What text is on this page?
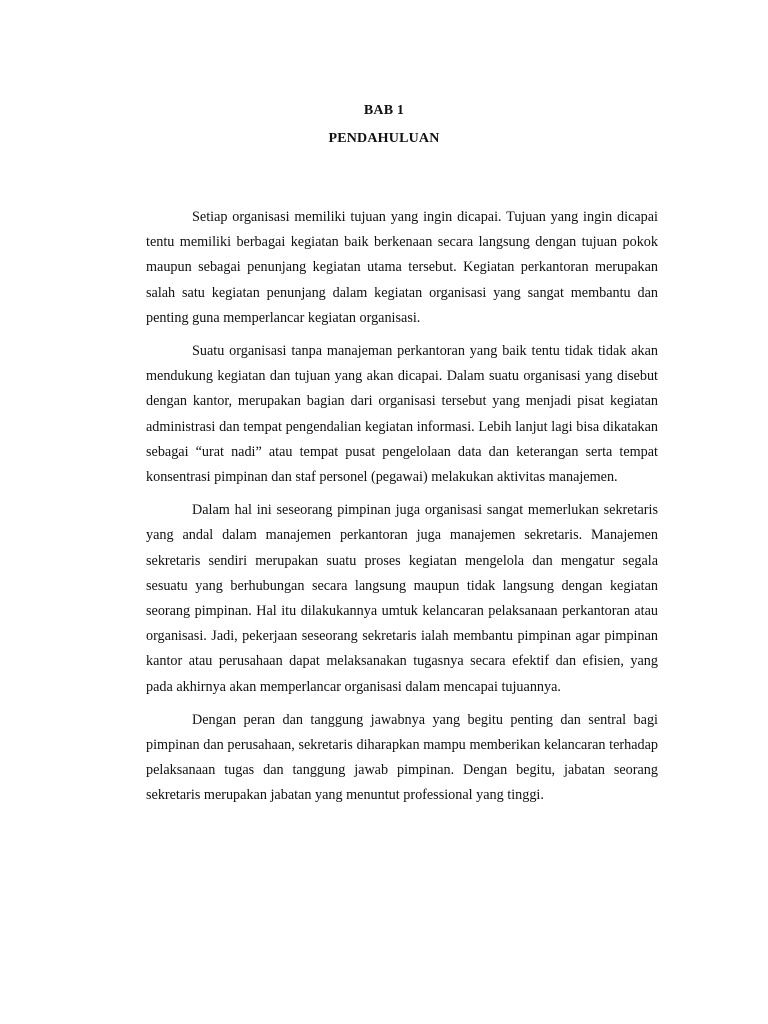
BAB 1
PENDAHULUAN

Setiap organisasi memiliki tujuan yang ingin dicapai. Tujuan yang ingin dicapai tentu memiliki berbagai kegiatan baik berkenaan secara langsung dengan tujuan pokok maupun sebagai penunjang kegiatan utama tersebut. Kegiatan perkantoran merupakan salah satu kegiatan penunjang dalam kegiatan organisasi yang sangat membantu dan penting guna memperlancar kegiatan organisasi.

Suatu organisasi tanpa manajeman perkantoran yang baik tentu tidak tidak akan mendukung kegiatan dan tujuan yang akan dicapai. Dalam suatu organisasi yang disebut dengan kantor, merupakan bagian dari organisasi tersebut yang menjadi pisat kegiatan administrasi dan tempat pengendalian kegiatan informasi. Lebih lanjut lagi bisa dikatakan sebagai “urat nadi” atau tempat pusat pengelolaan data dan keterangan serta tempat konsentrasi pimpinan dan staf personel (pegawai) melakukan aktivitas manajemen.

Dalam hal ini seseorang pimpinan juga organisasi sangat memerlukan sekretaris yang andal dalam manajemen perkantoran juga manajemen sekretaris. Manajemen sekretaris sendiri merupakan suatu proses kegiatan mengelola dan mengatur segala sesuatu yang berhubungan secara langsung maupun tidak langsung dengan kegiatan seorang pimpinan. Hal itu dilakukannya umtuk kelancaran pelaksanaan perkantoran atau organisasi. Jadi, pekerjaan seseorang sekretaris ialah membantu pimpinan agar pimpinan kantor atau perusahaan dapat melaksanakan tugasnya secara efektif dan efisien, yang pada akhirnya akan memperlancar organisasi dalam mencapai tujuannya.

Dengan peran dan tanggung jawabnya yang begitu penting dan sentral bagi pimpinan dan perusahaan, sekretaris diharapkan mampu memberikan kelancaran terhadap pelaksanaan tugas dan tanggung jawab pimpinan. Dengan begitu, jabatan seorang sekretaris merupakan jabatan yang menuntut professional yang tinggi.
